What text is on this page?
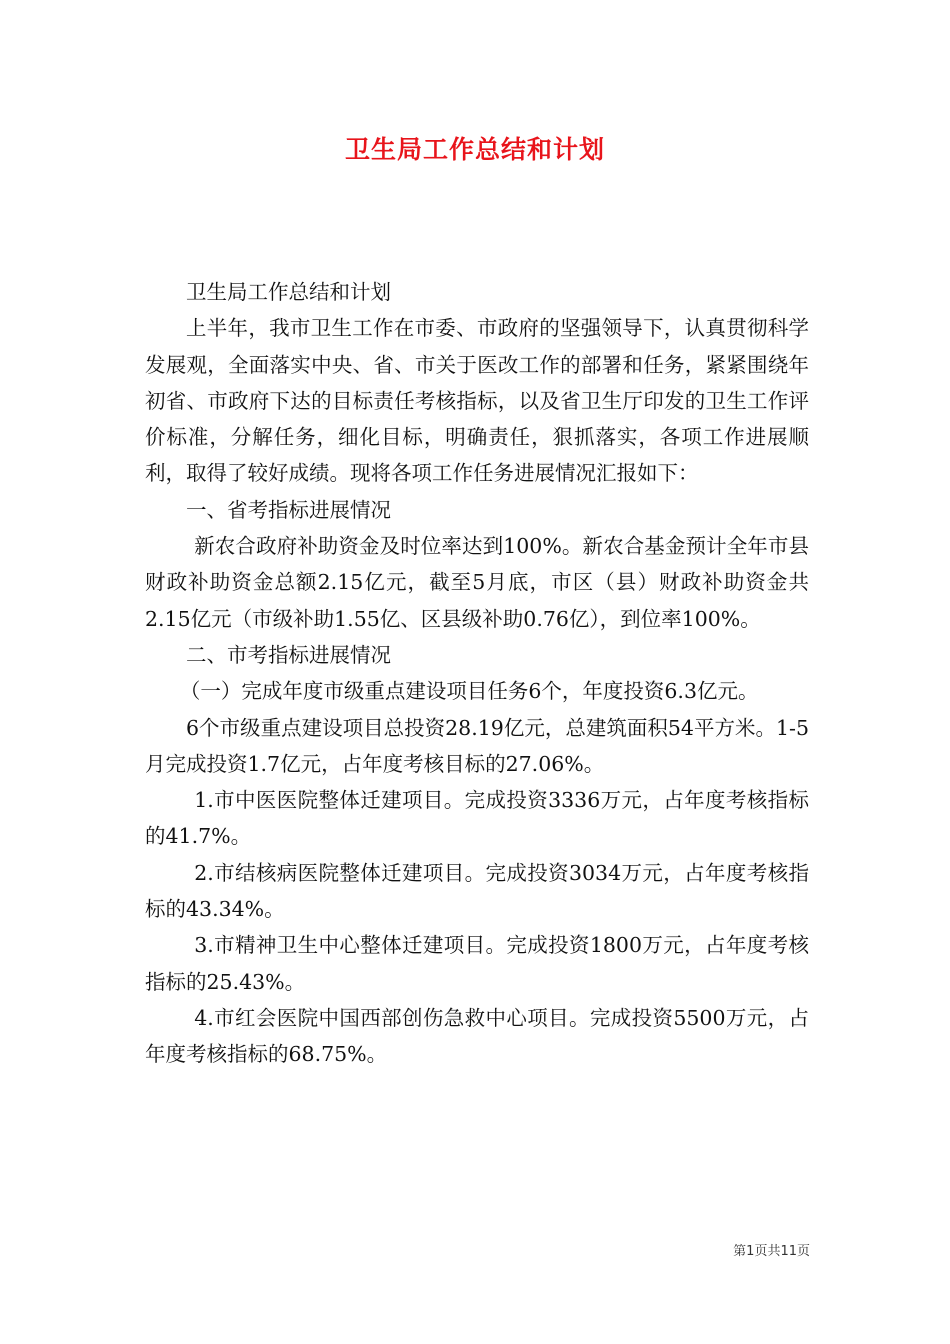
卫生局工作总结和计划

卫生局工作总结和计划

上半年，我市卫生工作在市委、市政府的坚强领导下，认真贯彻科学发展观，全面落实中央、省、市关于医改工作的部署和任务，紧紧围绕年初省、市政府下达的目标责任考核指标，以及省卫生厅印发的卫生工作评价标准，分解任务，细化目标，明确责任，狠抓落实，各项工作进展顺利，取得了较好成绩。现将各项工作任务进展情况汇报如下：

一、省考指标进展情况

新农合政府补助资金及时位率达到100%。新农合基金预计全年市县财政补助资金总额2.15亿元，截至5月底，市区（县）财政补助资金共2.15亿元（市级补助1.55亿、区县级补助0.76亿），到位率100%。

二、市考指标进展情况

（一）完成年度市级重点建设项目任务6个，年度投资6.3亿元。

6个市级重点建设项目总投资28.19亿元，总建筑面积54平方米。1-5月完成投资1.7亿元，占年度考核目标的27.06%。

1.市中医医院整体迁建项目。完成投资3336万元，占年度考核指标的41.7%。

2.市结核病医院整体迁建项目。完成投资3034万元，占年度考核指标的43.34%。

3.市精神卫生中心整体迁建项目。完成投资1800万元，占年度考核指标的25.43%。

4.市红会医院中国西部创伤急救中心项目。完成投资5500万元，占年度考核指标的68.75%。

第1页共11页
